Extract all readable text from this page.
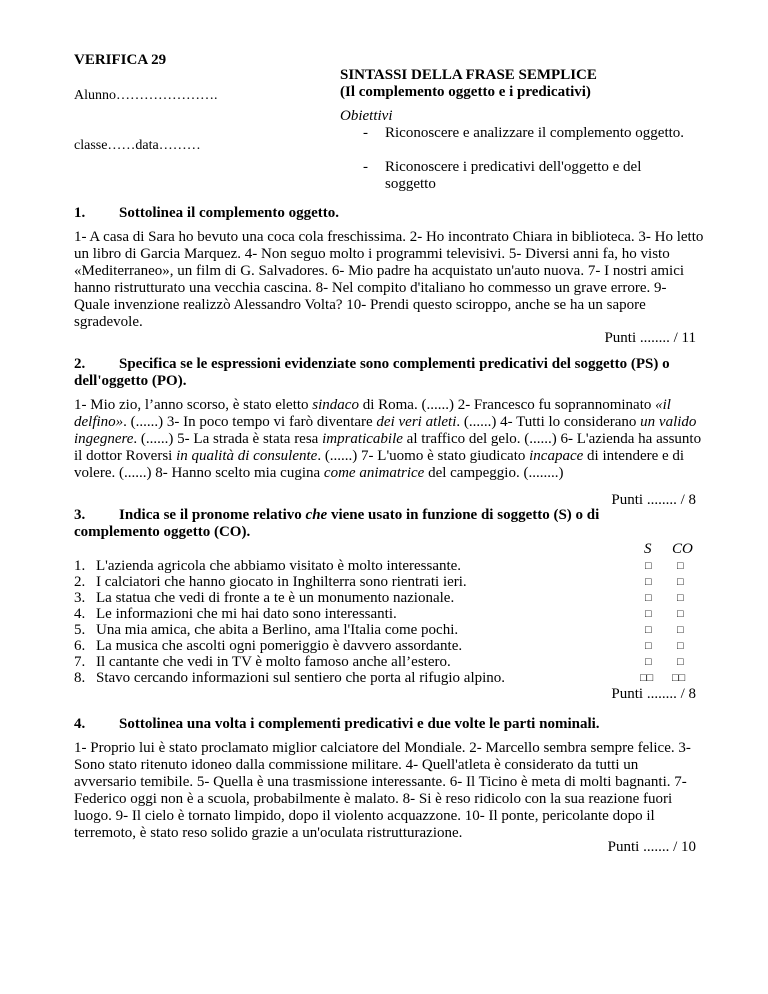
VERIFICA 29
Alunno………………….
classe……data………
SINTASSI DELLA FRASE SEMPLICE
(Il complemento oggetto e i predicativi)
Obiettivi
- Riconoscere e analizzare il complemento oggetto.
- Riconoscere i predicativi dell'oggetto e del soggetto
1. Sottolinea il complemento oggetto.
1- A casa di Sara ho bevuto una coca cola freschissima. 2- Ho incontrato Chiara in biblioteca. 3- Ho letto un libro di Garcia Marquez. 4- Non seguo molto i programmi televisivi. 5- Diversi anni fa, ho visto «Mediterraneo», un film di G. Salvadores. 6- Mio padre ha acquistato un'auto nuova. 7- I nostri amici hanno ristrutturato una vecchia cascina. 8- Nel compito d'italiano ho commesso un grave errore. 9- Quale invenzione realizzò Alessandro Volta? 10- Prendi questo sciroppo, anche se ha un sapore sgradevole.
Punti ........ / 11
2.	Specifica se le espressioni evidenziate sono complementi predicativi del soggetto (PS) o dell'oggetto (PO).
1- Mio zio, l’anno scorso, è stato eletto sindaco di Roma. (......) 2- Francesco fu soprannominato «il delfino». (......) 3- In poco tempo vi farò diventare dei veri atleti. (......) 4- Tutti lo considerano un valido ingegnere. (......) 5- La strada è stata resa impraticabile al traffico del gelo. (......) 6- L'azienda ha assunto il dottor Roversi in qualità di consulente. (......) 7- L'uomo è stato giudicato incapace di intendere e di volere. (......) 8- Hanno scelto mia cugina come animatrice del campeggio. (........)
Punti ........ / 8
3.	Indica se il pronome relativo che viene usato in funzione di soggetto (S) o di complemento oggetto (CO).
S CO
1. L'azienda agricola che abbiamo visitato è molto interessante.	□ □
2. I calciatori che hanno giocato in Inghilterra sono rientrati ieri.	□ □
3. La statua che vedi di fronte a te è un monumento nazionale.	□ □
4. Le informazioni che mi hai dato sono interessanti.	□ □
5. Una mia amica, che abita a Berlino, ama l'Italia come pochi.	□ □
6. La musica che ascolti ogni pomeriggio è davvero assordante.	□ □
7. Il cantante che vedi in TV è molto famoso anche all’estero.	□ □
8. Stavo cercando informazioni sul sentiero che porta al rifugio alpino.	□□ □□
Punti ........ / 8
4. Sottolinea una volta i complementi predicativi e due volte le parti nominali.
1- Proprio lui è stato proclamato miglior calciatore del Mondiale. 2- Marcello sembra sempre felice. 3- Sono stato ritenuto idoneo dalla commissione militare. 4- Quell'atleta è considerato da tutti un avversario temibile. 5- Quella è una trasmissione interessante. 6- Il Ticino è meta di molti bagnanti. 7- Federico oggi non è a scuola, probabilmente è malato. 8- Si è reso ridicolo con la sua reazione fuori luogo. 9- Il cielo è tornato limpido, dopo il violento acquazzone. 10- Il ponte, pericolante dopo il terremoto, è stato reso solido grazie a un'oculata ristrutturazione.
Punti ....... / 10
